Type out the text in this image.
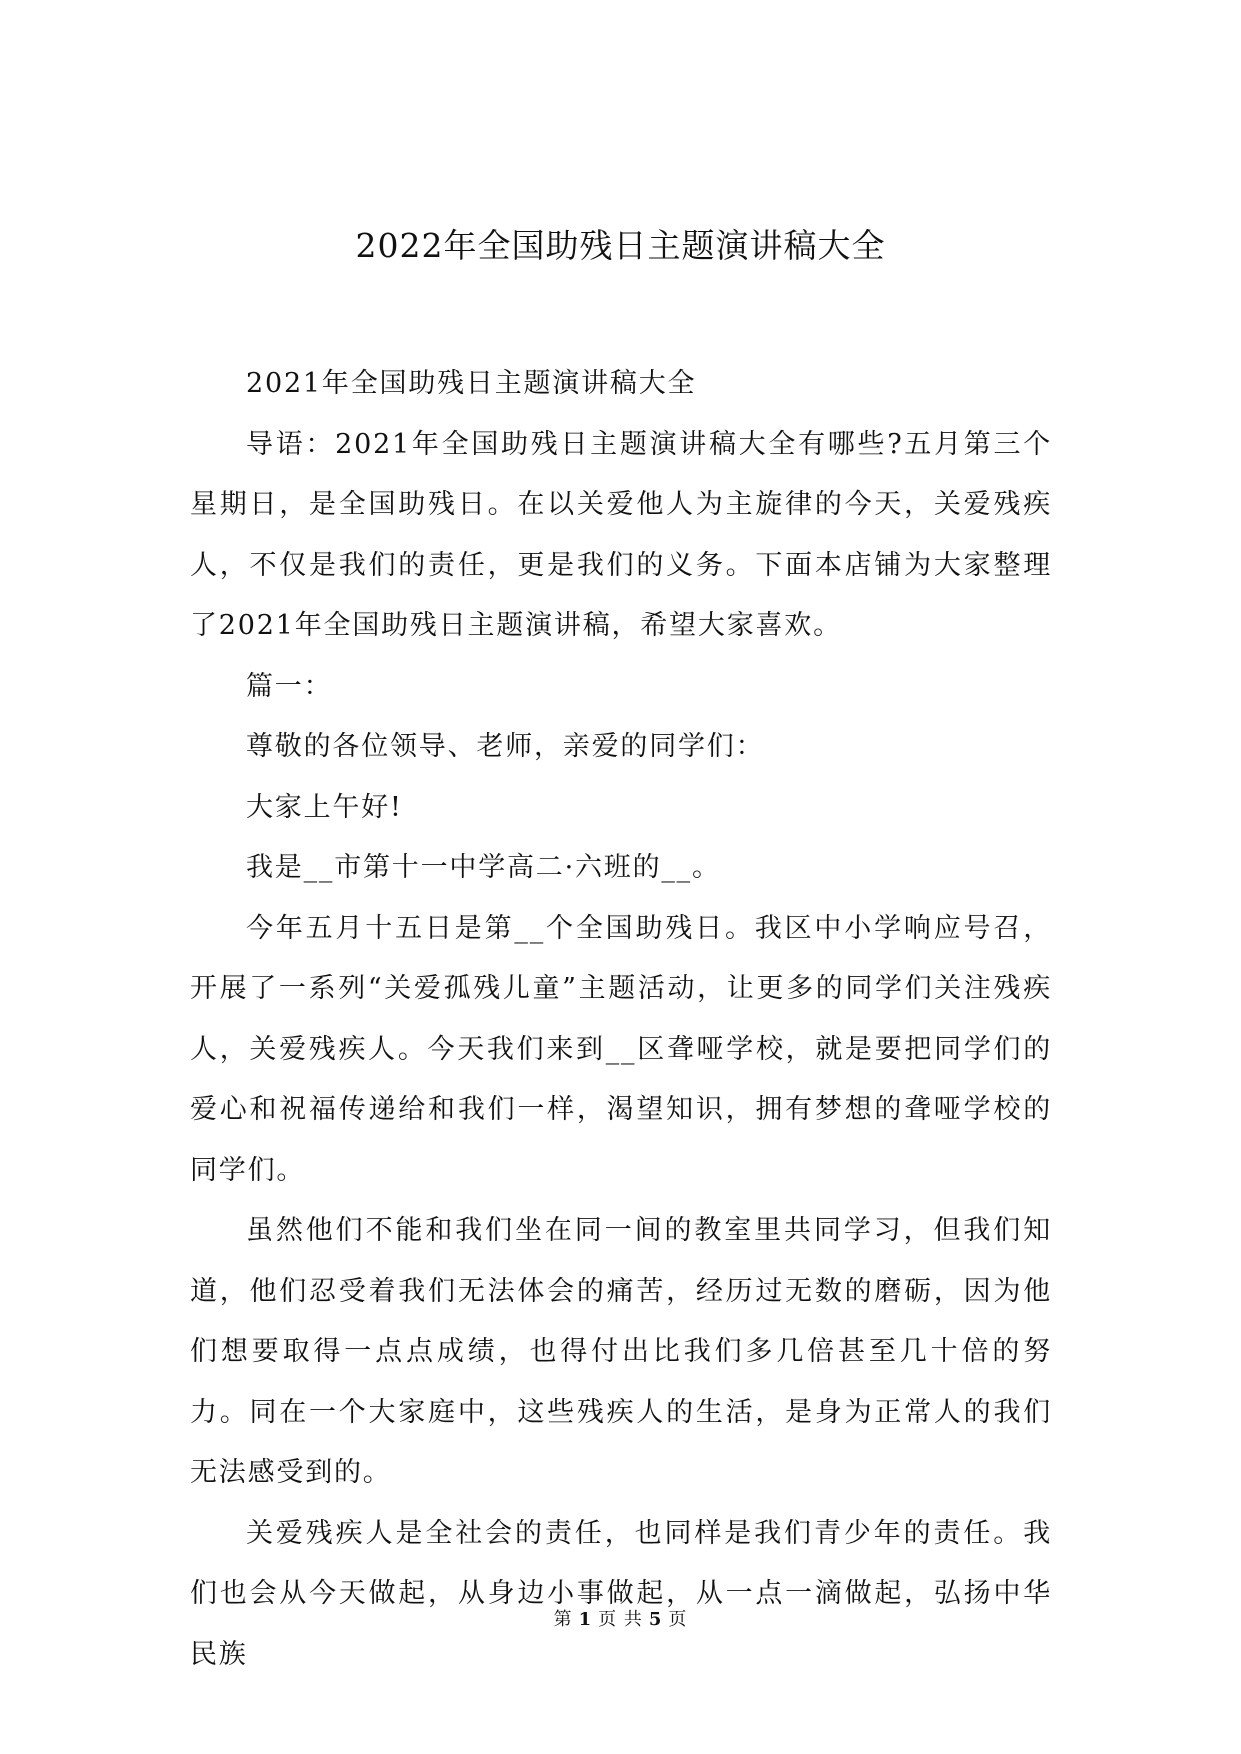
2022年全国助残日主题演讲稿大全

2021年全国助残日主题演讲稿大全

导语：2021年全国助残日主题演讲稿大全有哪些?五月第三个星期日，是全国助残日。在以关爱他人为主旋律的今天，关爱残疾人，不仅是我们的责任，更是我们的义务。下面本店铺为大家整理了2021年全国助残日主题演讲稿，希望大家喜欢。

篇一：

尊敬的各位领导、老师，亲爱的同学们：

大家上午好!

我是__市第十一中学高二·六班的__。

今年五月十五日是第__个全国助残日。我区中小学响应号召，开展了一系列“关爱孤残儿童”主题活动，让更多的同学们关注残疾人，关爱残疾人。今天我们来到__区聋哑学校，就是要把同学们的爱心和祝福传递给和我们一样，渴望知识，拥有梦想的聋哑学校的同学们。

虽然他们不能和我们坐在同一间的教室里共同学习，但我们知道，他们忍受着我们无法体会的痛苦，经历过无数的磨砺，因为他们想要取得一点点成绩，也得付出比我们多几倍甚至几十倍的努力。同在一个大家庭中，这些残疾人的生活，是身为正常人的我们无法感受到的。

关爱残疾人是全社会的责任，也同样是我们青少年的责任。我们也会从今天做起，从身边小事做起，从一点一滴做起，弘扬中华民族

第 1 页 共 5 页
